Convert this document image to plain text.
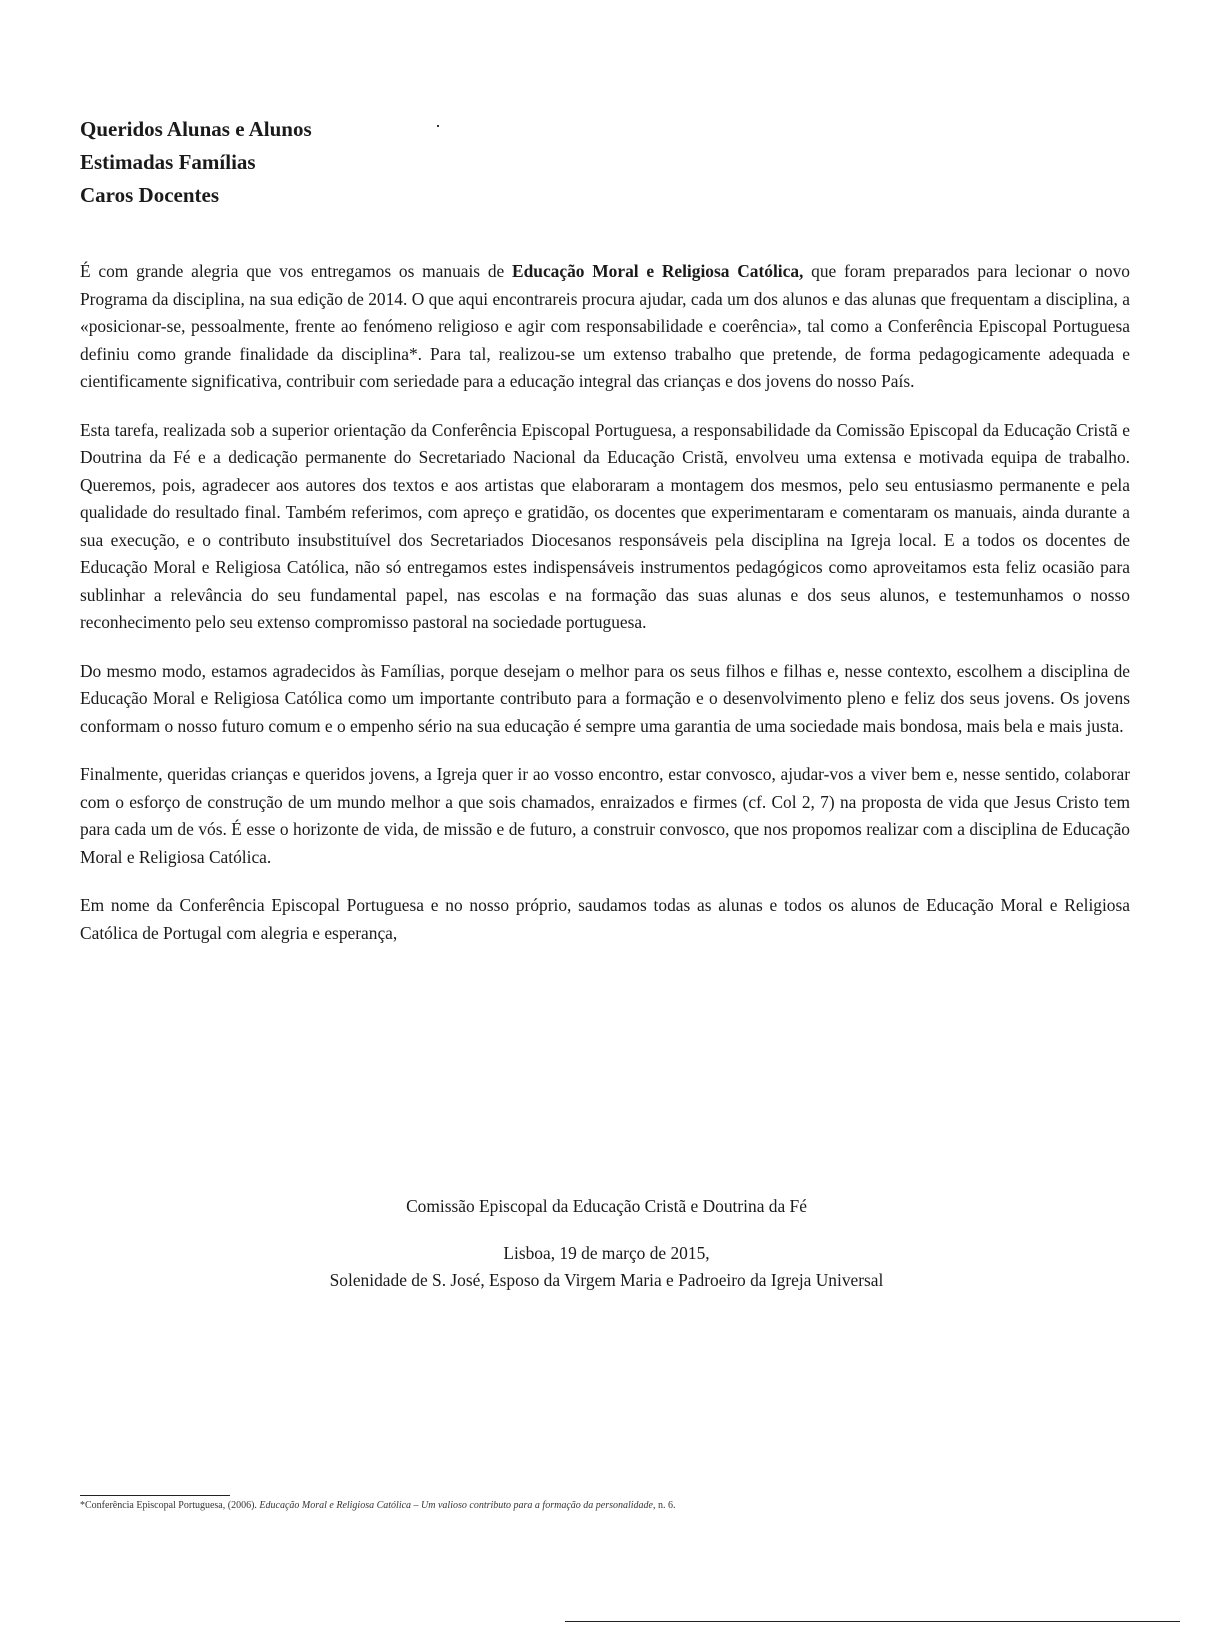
Queridos Alunas e Alunos
Estimadas Famílias
Caros Docentes

É com grande alegria que vos entregamos os manuais de Educação Moral e Religiosa Católica, que foram preparados para lecionar o novo Programa da disciplina, na sua edição de 2014. O que aqui encontrareis procura ajudar, cada um dos alunos e das alunas que frequentam a disciplina, a «posicionar-se, pessoalmente, frente ao fenómeno religioso e agir com responsabilidade e coerência», tal como a Conferência Episcopal Portuguesa definiu como grande finalidade da disciplina*. Para tal, realizou-se um extenso trabalho que pretende, de forma pedagogicamente adequada e cientificamente significativa, contribuir com seriedade para a educação integral das crianças e dos jovens do nosso País.

Esta tarefa, realizada sob a superior orientação da Conferência Episcopal Portuguesa, a responsabilidade da Comissão Episcopal da Educação Cristã e Doutrina da Fé e a dedicação permanente do Secretariado Nacional da Educação Cristã, envolveu uma extensa e motivada equipa de trabalho. Queremos, pois, agradecer aos autores dos textos e aos artistas que elaboraram a montagem dos mesmos, pelo seu entusiasmo permanente e pela qualidade do resultado final. Também referimos, com apreço e gratidão, os docentes que experimentaram e comentaram os manuais, ainda durante a sua execução, e o contributo insubstituível dos Secretariados Diocesanos responsáveis pela disciplina na Igreja local. E a todos os docentes de Educação Moral e Religiosa Católica, não só entregamos estes indispensáveis instrumentos pedagógicos como aproveitamos esta feliz ocasião para sublinhar a relevância do seu fundamental papel, nas escolas e na formação das suas alunas e dos seus alunos, e testemunhamos o nosso reconhecimento pelo seu extenso compromisso pastoral na sociedade portuguesa.

Do mesmo modo, estamos agradecidos às Famílias, porque desejam o melhor para os seus filhos e filhas e, nesse contexto, escolhem a disciplina de Educação Moral e Religiosa Católica como um importante contributo para a formação e o desenvolvimento pleno e feliz dos seus jovens. Os jovens conformam o nosso futuro comum e o empenho sério na sua educação é sempre uma garantia de uma sociedade mais bondosa, mais bela e mais justa.

Finalmente, queridas crianças e queridos jovens, a Igreja quer ir ao vosso encontro, estar convosco, ajudar-vos a viver bem e, nesse sentido, colaborar com o esforço de construção de um mundo melhor a que sois chamados, enraizados e firmes (cf. Col 2, 7) na proposta de vida que Jesus Cristo tem para cada um de vós. É esse o horizonte de vida, de missão e de futuro, a construir convosco, que nos propomos realizar com a disciplina de Educação Moral e Religiosa Católica.

Em nome da Conferência Episcopal Portuguesa e no nosso próprio, saudamos todas as alunas e todos os alunos de Educação Moral e Religiosa Católica de Portugal com alegria e esperança,

Comissão Episcopal da Educação Cristã e Doutrina da Fé
Lisboa, 19 de março de 2015,
Solenidade de S. José, Esposo da Virgem Maria e Padroeiro da Igreja Universal
*Conferência Episcopal Portuguesa, (2006). Educação Moral e Religiosa Católica – Um valioso contributo para a formação da personalidade, n. 6.
